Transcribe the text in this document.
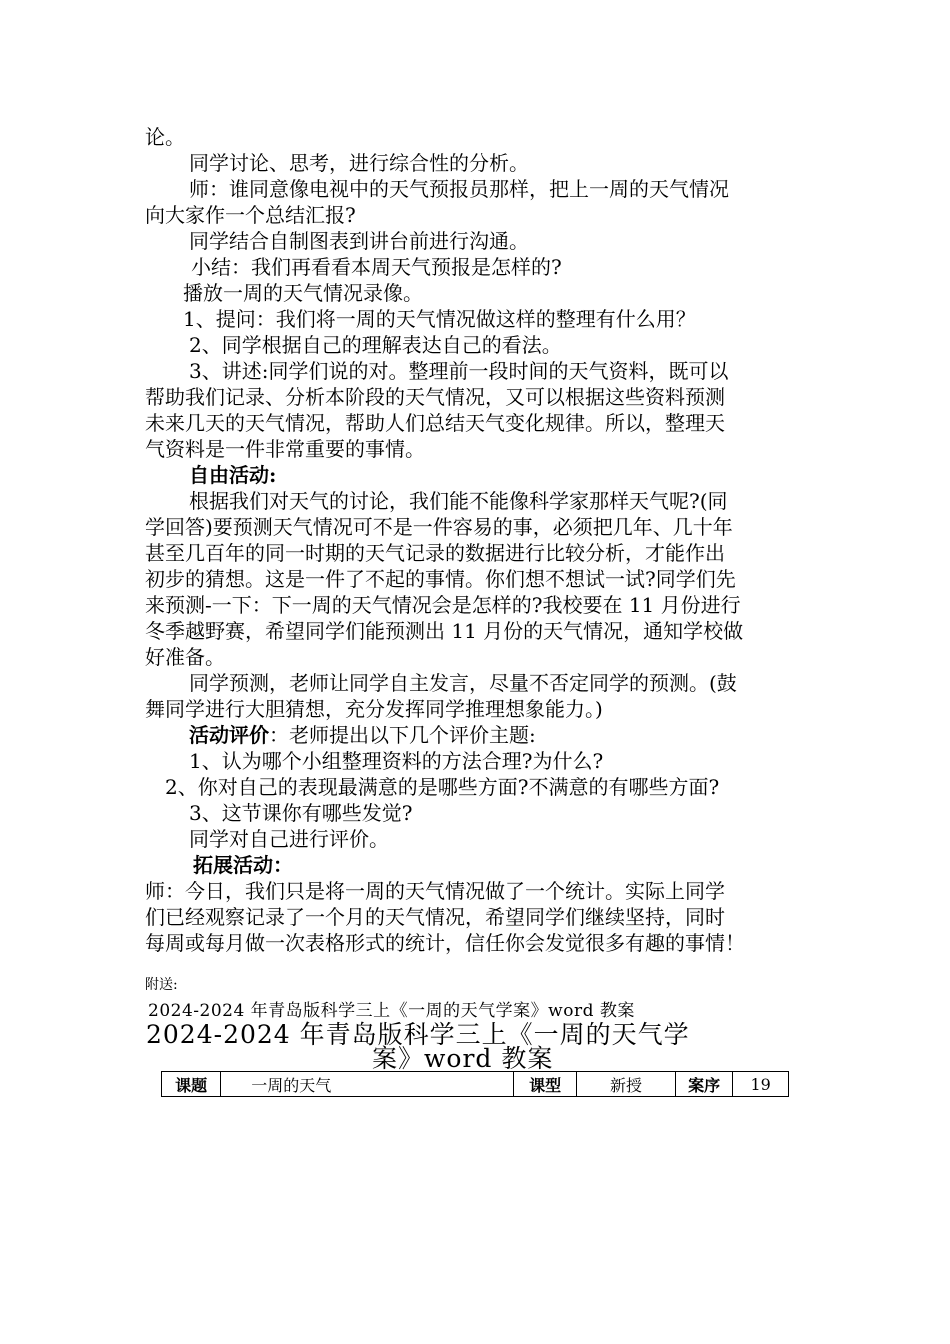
论。
同学讨论、思考，进行综合性的分析。
师：谁同意像电视中的天气预报员那样，把上一周的天气情况
向大家作一个总结汇报?
同学结合自制图表到讲台前进行沟通。
小结：我们再看看本周天气预报是怎样的?
播放一周的天气情况录像。
1、提问：我们将一周的天气情况做这样的整理有什么用？
2、同学根据自己的理解表达自己的看法。
3、讲述:同学们说的对。整理前一段时间的天气资料，既可以
帮助我们记录、分析本阶段的天气情况，又可以根据这些资料预测
未来几天的天气情况，帮助人们总结天气变化规律。所以，整理天
气资料是一件非常重要的事情。
自由活动:
根据我们对天气的讨论，我们能不能像科学家那样天气呢?(同
学回答)要预测天气情况可不是一件容易的事，必须把几年、几十年
甚至几百年的同一时期的天气记录的数据进行比较分析，才能作出
初步的猜想。这是一件了不起的事情。你们想不想试一试?同学们先
来预测-一下：下一周的天气情况会是怎样的?我校要在 11 月份进行
冬季越野赛，希望同学们能预测出 11 月份的天气情况，通知学校做
好准备。
同学预测，老师让同学自主发言，尽量不否定同学的预测。(鼓
舞同学进行大胆猜想，充分发挥同学推理想象能力。)
活动评价：老师提出以下几个评价主题:
1、认为哪个小组整理资料的方法合理?为什么?
2、你对自己的表现最满意的是哪些方面?不满意的有哪些方面?
3、这节课你有哪些发觉?
同学对自己进行评价。
拓展活动：
师：今日，我们只是将一周的天气情况做了一个统计。实际上同学
们已经观察记录了一个月的天气情况，希望同学们继续坚持，同时
每周或每月做一次表格形式的统计，信任你会发觉很多有趣的事情！
附送:
2024-2024 年青岛版科学三上《一周的天气学案》word 教案
2024-2024 年青岛版科学三上《一周的天气学
案》word 教案
课题	一周的天气	课型	新授	案序	19
